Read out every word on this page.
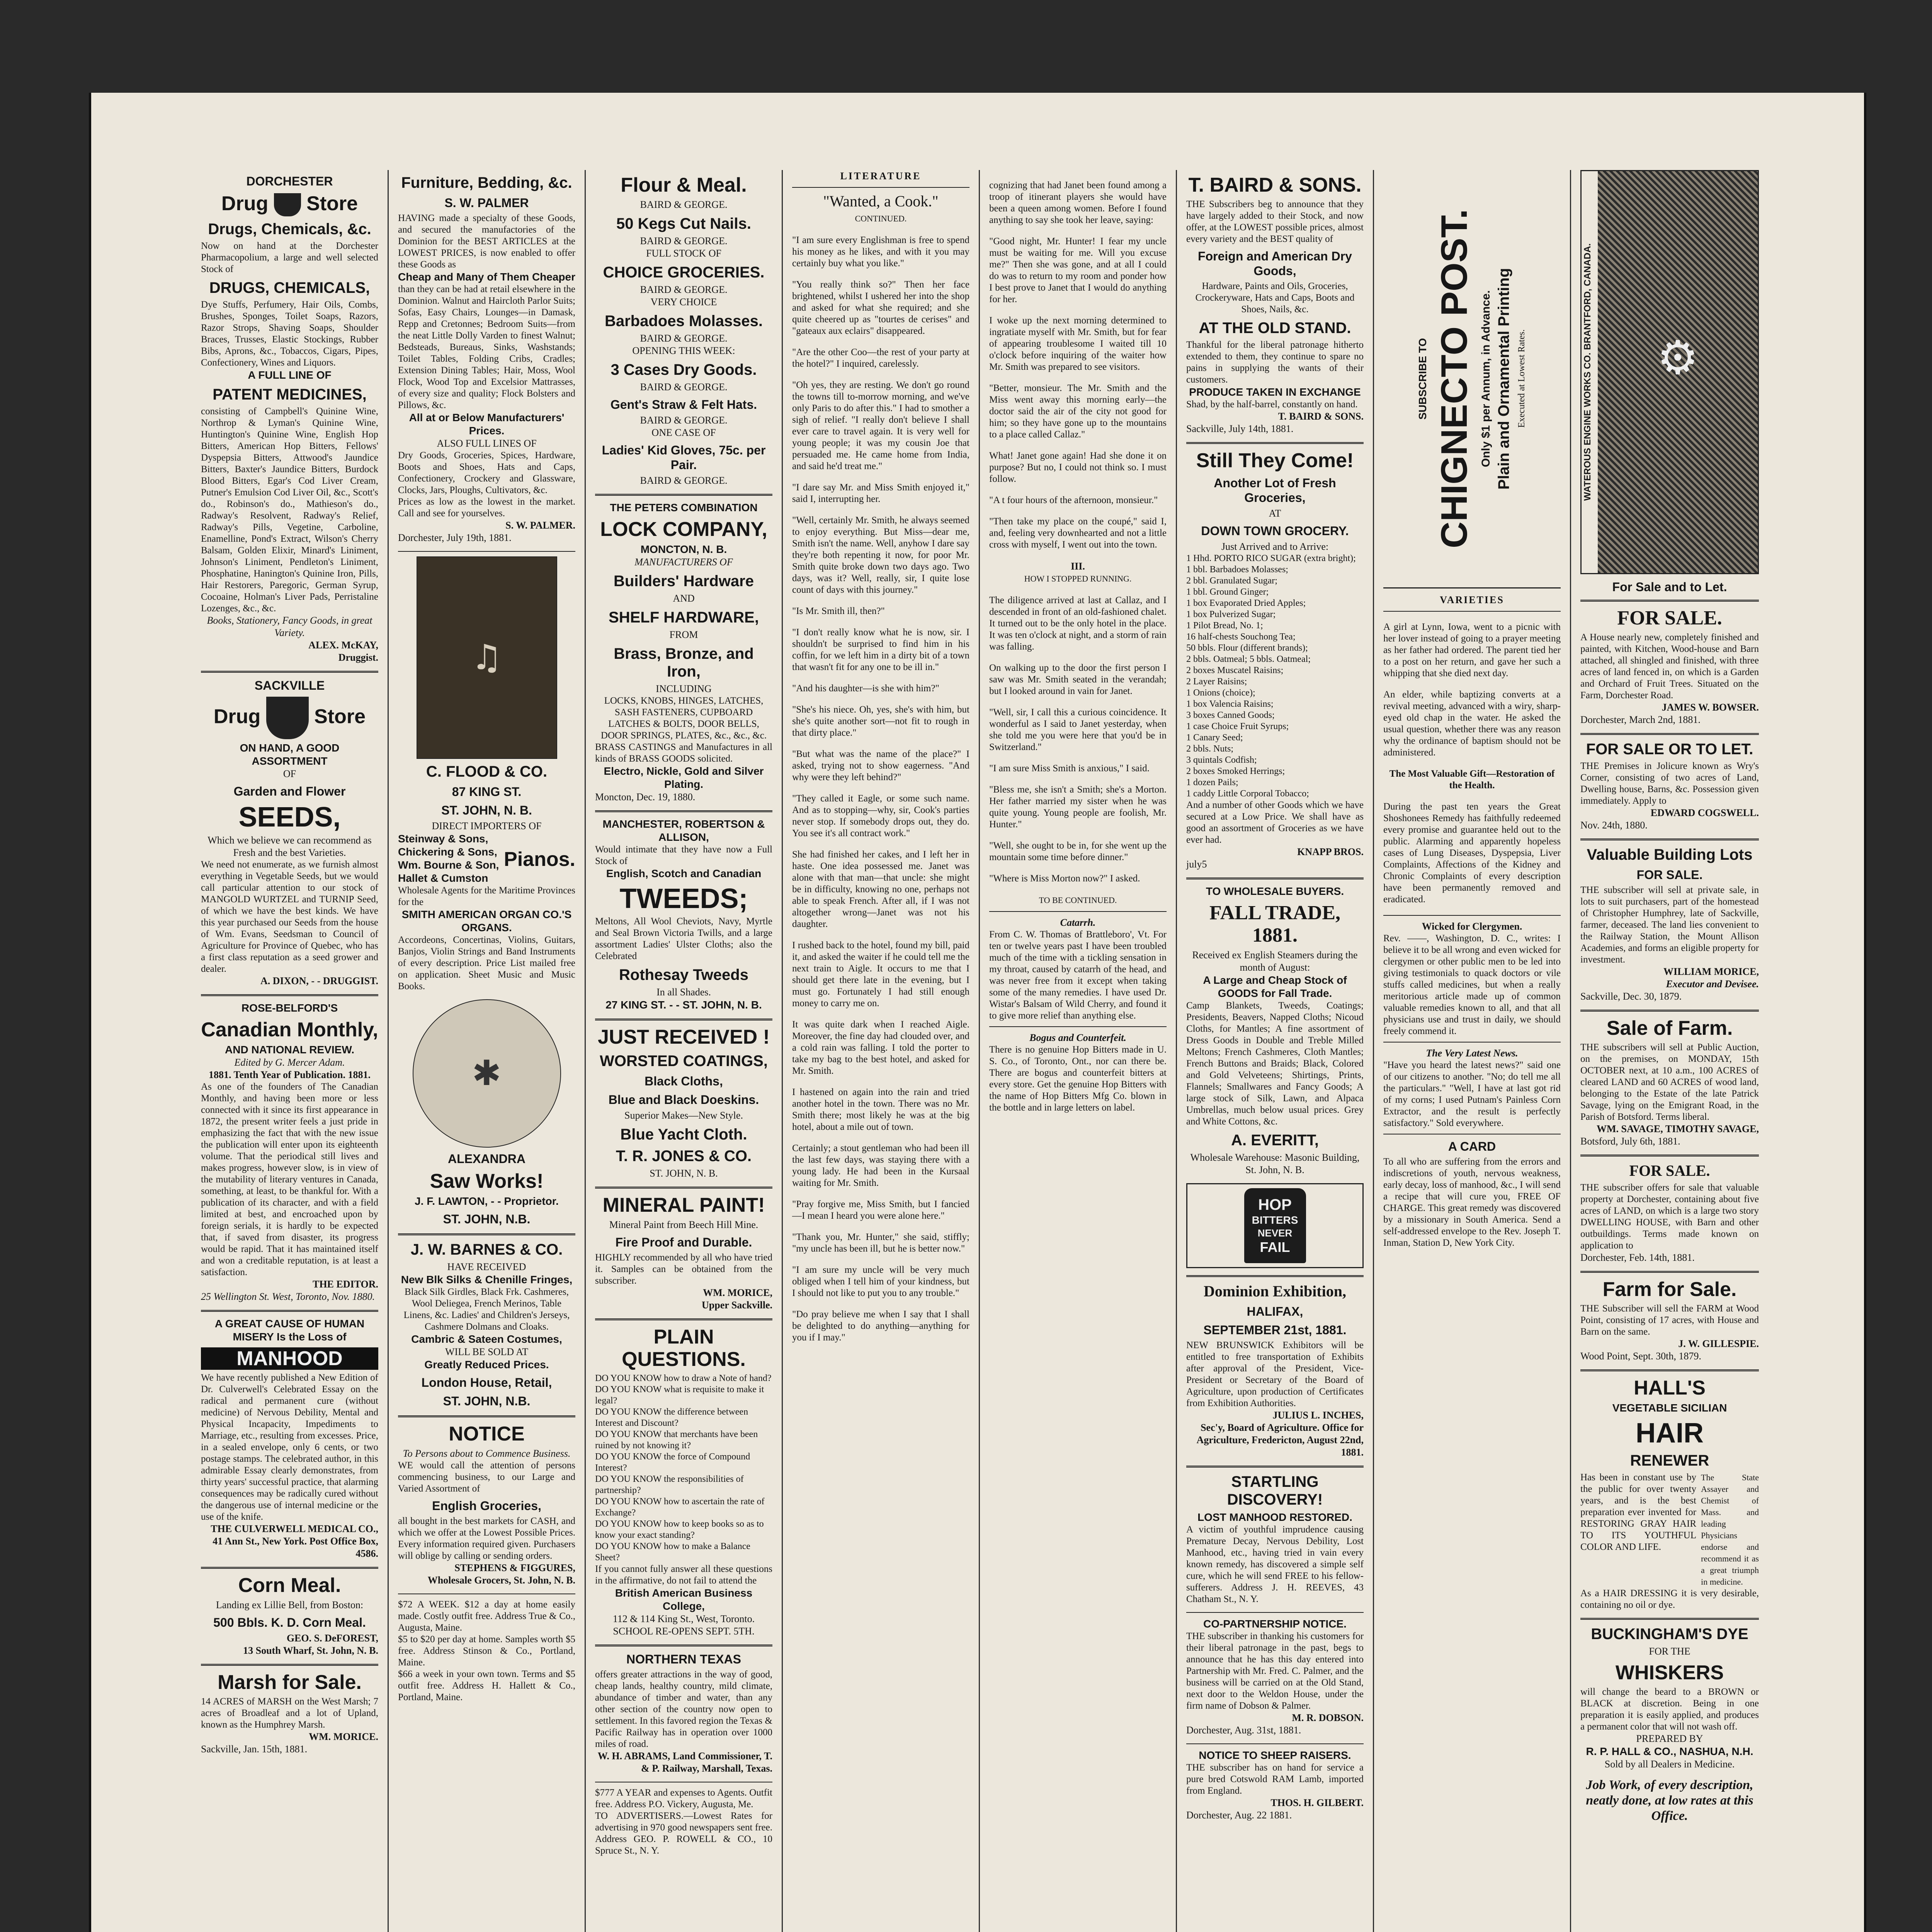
DORCHESTER
Drug Store
Drugs, Chemicals, &c.
Now on hand at the Dorchester Pharmacopolium, a large and well selected Stock of
DRUGS, CHEMICALS,
Dye Stuffs, Perfumery, Hair Oils, Combs, Brushes, Sponges, Toilet Soaps, Razors, Razor Strops, Shaving Soaps, Shoulder Braces, Trusses, Elastic Stockings, Rubber Bibs, Aprons, &c., Tobaccos, Cigars, Pipes, Confectionery, Wines and Liquors.
A FULL LINE OF
PATENT MEDICINES,
consisting of Campbell's Quinine Wine, Northrop & Lyman's Quinine Wine, Huntington's Quinine Wine, English Hop Bitters, American Hop Bitters, Fellows' Dyspepsia Bitters, Attwood's Jaundice Bitters, Baxter's Jaundice Bitters, Burdock Blood Bitters, Egar's Cod Liver Cream, Putner's Emulsion Cod Liver Oil, &c., Scott's do., Robinson's do., Mathieson's do., Radway's Resolvent, Radway's Relief, Radway's Pills, Vegetine, Carboline, Enamelline, Pond's Extract, Wilson's Cherry Balsam, Golden Elixir, Minard's Liniment, Johnson's Liniment, Pendleton's Liniment, Phosphatine, Hanington's Quinine Iron, Pills, Hair Restorers, Paregoric, German Syrup, Cocoaine, Holman's Liver Pads, Perristaline Lozenges, &c., &c.
Books, Stationery, Fancy Goods, in great Variety.
ALEX. McKAY,
Druggist.
SACKVILLE
Drug	Store
ON HAND, A GOOD ASSORTMENT
OF
Garden and Flower
SEEDS,
Which we believe we can recommend as Fresh and the best Varieties.
We need not enumerate, as we furnish almost everything in Vegetable Seeds, but we would call particular attention to our stock of MANGOLD WURTZEL and TURNIP Seed, of which we have the best kinds. We have this year purchased our Seeds from the house of Wm. Evans, Seedsman to Council of Agriculture for Province of Quebec, who has a first class reputation as a seed grower and dealer.
A. DIXON, - - DRUGGIST.
ROSE-BELFORD'S
Canadian Monthly,
AND NATIONAL REVIEW.
Edited by G. Mercer Adam.
1881. Tenth Year of Publication. 1881.
As one of the founders of The Canadian Monthly, and having been more or less connected with it since its first appearance in 1872, the present writer feels a just pride in emphasizing the fact that with the new issue the publication will enter upon its eighteenth volume. That the periodical still lives and makes progress, however slow, is in view of the mutability of literary ventures in Canada, something, at least, to be thankful for. With a publication of its character, and with a field limited at best, and encroached upon by foreign serials, it is hardly to be expected that, if saved from disaster, its progress would be rapid. That it has maintained itself and won a creditable reputation, is at least a satisfaction.
THE EDITOR.
25 Wellington St. West, Toronto, Nov. 1880.
A GREAT CAUSE OF HUMAN MISERY Is the Loss of
MANHOOD
We have recently published a New Edition of Dr. Culverwell's Celebrated Essay on the radical and permanent cure (without medicine) of Nervous Debility, Mental and Physical Incapacity, Impediments to Marriage, etc., resulting from excesses. Price, in a sealed envelope, only 6 cents, or two postage stamps. The celebrated author, in this admirable Essay clearly demonstrates, from thirty years' successful practice, that alarming consequences may be radically cured without the dangerous use of internal medicine or the use of the knife.
THE CULVERWELL MEDICAL CO., 41 Ann St., New York. Post Office Box, 4586.
Corn Meal.
Landing ex Lillie Bell, from Boston:
500 Bbls. K. D. Corn Meal.
GEO. S. DeFOREST,
13 South Wharf, St. John, N. B.
Marsh for Sale.
14 ACRES of MARSH on the West Marsh; 7 acres of Broadleaf and a lot of Upland, known as the Humphrey Marsh.
WM. MORICE.
Sackville, Jan. 15th, 1881.
Furniture, Bedding, &c.
S. W. PALMER
HAVING made a specialty of these Goods, and secured the manufactories of the Dominion for the BEST ARTICLES at the LOWEST PRICES, is now enabled to offer these Goods as
Cheap and Many of Them Cheaper
than they can be had at retail elsewhere in the Dominion. Walnut and Haircloth Parlor Suits; Sofas, Easy Chairs, Lounges—in Damask, Repp and Cretonnes; Bedroom Suits—from the neat Little Dolly Varden to finest Walnut; Bedsteads, Bureaus, Sinks, Washstands; Toilet Tables, Folding Cribs, Cradles; Extension Dining Tables; Hair, Moss, Wool Flock, Wood Top and Excelsior Mattrasses, of every size and quality; Flock Bolsters and Pillows, &c.
All at or Below Manufacturers' Prices.
ALSO FULL LINES OF
Dry Goods, Groceries, Spices, Hardware, Boots and Shoes, Hats and Caps, Confectionery, Crockery and Glassware, Clocks, Jars, Ploughs, Cultivators, &c.
Prices as low as the lowest in the market. Call and see for yourselves.
S. W. PALMER.
Dorchester, July 19th, 1881.
♫
C. FLOOD & CO.
87 KING ST.
ST. JOHN, N. B.
DIRECT IMPORTERS OF
Steinway & Sons, Chickering & Sons, Wm. Bourne & Son, Hallet & Cumston
Pianos.
Wholesale Agents for the Maritime Provinces for the
SMITH AMERICAN ORGAN CO.'S ORGANS.
Accordeons, Concertinas, Violins, Guitars, Banjos, Violin Strings and Band Instruments of every description. Price List mailed free on application. Sheet Music and Music Books.
✱
ALEXANDRA
Saw Works!
J. F. LAWTON, - - Proprietor.
ST. JOHN, N.B.
J. W. BARNES & CO.
HAVE RECEIVED
New Blk Silks & Chenille Fringes,
Black Silk Girdles, Black Frk. Cashmeres, Wool Deliegea, French Merinos, Table Linens, &c. Ladies' and Children's Jerseys, Cashmere Dolmans and Cloaks.
Cambric & Sateen Costumes,
WILL BE SOLD AT
Greatly Reduced Prices.
London House, Retail,
ST. JOHN, N.B.
NOTICE
To Persons about to Commence Business.
WE would call the attention of persons commencing business, to our Large and Varied Assortment of
English Groceries,
all bought in the best markets for CASH, and which we offer at the Lowest Possible Prices. Every information required given. Purchasers will oblige by calling or sending orders.
STEPHENS & FIGGURES,
Wholesale Grocers, St. John, N. B.
$72 A WEEK. $12 a day at home easily made. Costly outfit free. Address True & Co., Augusta, Maine.
$5 to $20 per day at home. Samples worth $5 free. Address Stinson & Co., Portland, Maine.
$66 a week in your own town. Terms and $5 outfit free. Address H. Hallett & Co., Portland, Maine.
Flour & Meal.
BAIRD & GEORGE.
50 Kegs Cut Nails.
BAIRD & GEORGE.
FULL STOCK OF
CHOICE GROCERIES.
BAIRD & GEORGE.
VERY CHOICE
Barbadoes Molasses.
BAIRD & GEORGE.
OPENING THIS WEEK:
3 Cases Dry Goods.
BAIRD & GEORGE.
Gent's Straw & Felt Hats.
BAIRD & GEORGE.
ONE CASE OF
Ladies' Kid Gloves, 75c. per Pair.
BAIRD & GEORGE.
THE PETERS COMBINATION
LOCK COMPANY,
MONCTON, N. B.
MANUFACTURERS OF
Builders' Hardware
AND
SHELF HARDWARE,
FROM
Brass, Bronze, and Iron,
INCLUDING
LOCKS, KNOBS, HINGES, LATCHES, SASH FASTENERS, CUPBOARD LATCHES & BOLTS, DOOR BELLS, DOOR SPRINGS, PLATES, &c., &c., &c.
BRASS CASTINGS and Manufactures in all kinds of BRASS GOODS solicited.
Electro, Nickle, Gold and Silver Plating.
Moncton, Dec. 19, 1880.
MANCHESTER, ROBERTSON & ALLISON,
Would intimate that they have now a Full Stock of
English, Scotch and Canadian
TWEEDS;
Meltons, All Wool Cheviots, Navy, Myrtle and Seal Brown Victoria Twills, and a large assortment Ladies' Ulster Cloths; also the Celebrated
Rothesay Tweeds
In all Shades.
27 KING ST. - - ST. JOHN, N. B.
JUST RECEIVED !
WORSTED COATINGS,
Black Cloths,
Blue and Black Doeskins.
Superior Makes—New Style.
Blue Yacht Cloth.
T. R. JONES & CO.
ST. JOHN, N. B.
MINERAL PAINT!
Mineral Paint from Beech Hill Mine.
Fire Proof and Durable.
HIGHLY recommended by all who have tried it. Samples can be obtained from the subscriber.
WM. MORICE,
Upper Sackville.
PLAIN QUESTIONS.
DO YOU KNOW how to draw a Note of hand?
DO YOU KNOW what is requisite to make it legal?
DO YOU KNOW the difference between Interest and Discount?
DO YOU KNOW that merchants have been ruined by not knowing it?
DO YOU KNOW the force of Compound Interest?
DO YOU KNOW the responsibilities of partnership?
DO YOU KNOW how to ascertain the rate of Exchange?
DO YOU KNOW how to keep books so as to know your exact standing?
DO YOU KNOW how to make a Balance Sheet?
If you cannot fully answer all these questions in the affirmative, do not fail to attend the
British American Business College,
112 & 114 King St., West, Toronto.
SCHOOL RE-OPENS SEPT. 5TH.
NORTHERN TEXAS
offers greater attractions in the way of good, cheap lands, healthy country, mild climate, abundance of timber and water, than any other section of the country now open to settlement. In this favored region the Texas & Pacific Railway has in operation over 1000 miles of road.
W. H. ABRAMS, Land Commissioner, T. & P. Railway, Marshall, Texas.
$777 A YEAR and expenses to Agents. Outfit free. Address P.O. Vickery, Augusta, Me.
TO ADVERTISERS.—Lowest Rates for advertising in 970 good newspapers sent free. Address GEO. P. ROWELL & CO., 10 Spruce St., N. Y.
LITERATURE
"Wanted, a Cook."
CONTINUED.

"I am sure every Englishman is free to spend his money as he likes, and with it you may certainly buy what you like."

"You really think so?" Then her face brightened, whilst I ushered her into the shop and asked for what she required; and she quite cheered up as "tourtes de cerises" and "gateaux aux eclairs" disappeared.

"Are the other Coo—the rest of your party at the hotel?" I inquired, carelessly.

"Oh yes, they are resting. We don't go round the towns till to-morrow morning, and we've only Paris to do after this." I had to smother a sigh of relief. "I really don't believe I shall ever care to travel again. It is very well for young people; it was my cousin Joe that persuaded me. He came home from India, and said he'd treat me."

"I dare say Mr. and Miss Smith enjoyed it," said I, interrupting her.

"Well, certainly Mr. Smith, he always seemed to enjoy everything. But Miss—dear me, Smith isn't the name. Well, anyhow I dare say they're both repenting it now, for poor Mr. Smith quite broke down two days ago. Two days, was it? Well, really, sir, I quite lose count of days with this journey."

"Is Mr. Smith ill, then?"

"I don't really know what he is now, sir. I shouldn't be surprised to find him in his coffin, for we left him in a dirty bit of a town that wasn't fit for any one to be ill in."

"And his daughter—is she with him?"

"She's his niece. Oh, yes, she's with him, but she's quite another sort—not fit to rough in that dirty place."

"But what was the name of the place?" I asked, trying not to show eagerness. "And why were they left behind?"

"They called it Eagle, or some such name. And as to stopping—why, sir, Cook's parties never stop. If somebody drops out, they do. You see it's all contract work."

She had finished her cakes, and I left her in haste. One idea possessed me. Janet was alone with that man—that uncle: she might be in difficulty, knowing no one, perhaps not able to speak French. After all, if I was not altogether wrong—Janet was not his daughter.

I rushed back to the hotel, found my bill, paid it, and asked the waiter if he could tell me the next train to Aigle. It occurs to me that I should get there late in the evening, but I must go. Fortunately I had still enough money to carry me on.

It was quite dark when I reached Aigle. Moreover, the fine day had clouded over, and a cold rain was falling. I told the porter to take my bag to the best hotel, and asked for Mr. Smith.

I hastened on again into the rain and tried another hotel in the town. There was no Mr. Smith there; most likely he was at the big hotel, about a mile out of town.

Certainly; a stout gentleman who had been ill the last few days, was staying there with a young lady. He had been in the Kursaal waiting for Mr. Smith.

"Pray forgive me, Miss Smith, but I fancied—I mean I heard you were alone here."

"Thank you, Mr. Hunter," she said, stiffly; "my uncle has been ill, but he is better now."

"I am sure my uncle will be very much obliged when I tell him of your kindness, but I should not like to put you to any trouble."

"Do pray believe me when I say that I shall be delighted to do anything—anything for you if I may."

cognizing that had Janet been found among a troop of itinerant players she would have been a queen among women. Before I found anything to say she took her leave, saying:

"Good night, Mr. Hunter! I fear my uncle must be waiting for me. Will you excuse me?" Then she was gone, and at all I could do was to return to my room and ponder how I best prove to Janet that I would do anything for her.

I woke up the next morning determined to ingratiate myself with Mr. Smith, but for fear of appearing troublesome I waited till 10 o'clock before inquiring of the waiter how Mr. Smith was prepared to see visitors.

"Better, monsieur. The Mr. Smith and the Miss went away this morning early—the doctor said the air of the city not good for him; so they have gone up to the mountains to a place called Callaz."

What! Janet gone again! Had she done it on purpose? But no, I could not think so. I must follow.

"A t four hours of the afternoon, monsieur."

"Then take my place on the coupé," said I, and, feeling very downhearted and not a little cross with myself, I went out into the town.

III.
HOW I STOPPED RUNNING.

The diligence arrived at last at Callaz, and I descended in front of an old-fashioned chalet. It turned out to be the only hotel in the place. It was ten o'clock at night, and a storm of rain was falling.

On walking up to the door the first person I saw was Mr. Smith seated in the verandah; but I looked around in vain for Janet.

"Well, sir, I call this a curious coincidence. It wonderful as I said to Janet yesterday, when she told me you were here that you'd be in Switzerland."

"I am sure Miss Smith is anxious," I said.

"Bless me, she isn't a Smith; she's a Morton. Her father married my sister when he was quite young. Young people are foolish, Mr. Hunter."

"Well, she ought to be in, for she went up the mountain some time before dinner."

"Where is Miss Morton now?" I asked.

TO BE CONTINUED.
Catarrh.
From C. W. Thomas of Brattleboro', Vt. For ten or twelve years past I have been troubled much of the time with a tickling sensation in my throat, caused by catarrh of the head, and was never free from it except when taking some of the many remedies. I have used Dr. Wistar's Balsam of Wild Cherry, and found it to give more relief than anything else.
Bogus and Counterfeit.
There is no genuine Hop Bitters made in U. S. Co., of Toronto, Ont., nor can there be. There are bogus and counterfeit bitters at every store. Get the genuine Hop Bitters with the name of Hop Bitters Mfg Co. blown in the bottle and in large letters on label.
T. BAIRD & SONS.
THE Subscribers beg to announce that they have largely added to their Stock, and now offer, at the LOWEST possible prices, almost every variety and the BEST quality of
Foreign and American Dry Goods,
Hardware, Paints and Oils, Groceries, Crockeryware, Hats and Caps, Boots and Shoes, Nails, &c.
AT THE OLD STAND.
Thankful for the liberal patronage hitherto extended to them, they continue to spare no pains in supplying the wants of their customers.
PRODUCE TAKEN IN EXCHANGE
Shad, by the half-barrel, constantly on hand.
T. BAIRD & SONS.
Sackville, July 14th, 1881.
Still They Come!
Another Lot of Fresh Groceries,
AT
DOWN TOWN GROCERY.
Just Arrived and to Arrive:
1 Hhd. PORTO RICO SUGAR (extra bright);
1 bbl. Barbadoes Molasses;
2 bbl. Granulated Sugar;
1 bbl. Ground Ginger;
1 box Evaporated Dried Apples;
1 box Pulverized Sugar;
1 Pilot Bread, No. 1;
16 half-chests Souchong Tea;
50 bbls. Flour (different brands);
2 bbls. Oatmeal; 5 bbls. Oatmeal;
2 boxes Muscatel Raisins;
2 Layer Raisins;
1 Onions (choice);
1 box Valencia Raisins;
3 boxes Canned Goods;
1 case Choice Fruit Syrups;
1 Canary Seed;
2 bbls. Nuts;
3 quintals Codfish;
2 boxes Smoked Herrings;
1 dozen Pails;
1 caddy Little Corporal Tobacco;
And a number of other Goods which we have secured at a Low Price. We shall have as good an assortment of Groceries as we have ever had.
KNAPP BROS.
july5
TO WHOLESALE BUYERS.
FALL TRADE, 1881.
Received ex English Steamers during the month of August:
A Large and Cheap Stock of GOODS for Fall Trade.
Camp Blankets, Tweeds, Coatings; Presidents, Beavers, Napped Cloths; Nicoud Cloths, for Mantles; A fine assortment of Dress Goods in Double and Treble Milled Meltons; French Cashmeres, Cloth Mantles; French Buttons and Braids; Black, Colored and Gold Velveteens; Shirtings, Prints, Flannels; Smallwares and Fancy Goods; A large stock of Silk, Lawn, and Alpaca Umbrellas, much below usual prices. Grey and White Cottons, &c.
A. EVERITT,
Wholesale Warehouse: Masonic Building, St. John, N. B.
HOP
BITTERS
NEVER
FAIL
Dominion Exhibition,
HALIFAX,
SEPTEMBER 21st, 1881.
NEW BRUNSWICK Exhibitors will be entitled to free transportation of Exhibits after approval of the President, Vice-President or Secretary of the Board of Agriculture, upon production of Certificates from Exhibition Authorities.
JULIUS L. INCHES,
Sec'y, Board of Agriculture. Office for Agriculture, Fredericton, August 22nd, 1881.
STARTLING DISCOVERY!
LOST MANHOOD RESTORED.
A victim of youthful imprudence causing Premature Decay, Nervous Debility, Lost Manhood, etc., having tried in vain every known remedy, has discovered a simple self cure, which he will send FREE to his fellow-sufferers. Address J. H. REEVES, 43 Chatham St., N. Y.
CO-PARTNERSHIP NOTICE.
THE subscriber in thanking his customers for their liberal patronage in the past, begs to announce that he has this day entered into Partnership with Mr. Fred. C. Palmer, and the business will be carried on at the Old Stand, next door to the Weldon House, under the firm name of Dobson & Palmer.
M. R. DOBSON.
Dorchester, Aug. 31st, 1881.
NOTICE TO SHEEP RAISERS.
THE subscriber has on hand for service a pure bred Cotswold RAM Lamb, imported from England.
THOS. H. GILBERT.
Dorchester, Aug. 22 1881.
SUBSCRIBE TO CHIGNECTO POST. Only $1 per Annum, in Advance. Plain and Ornamental Printing Executed at Lowest Rates.
VARIETIES

A girl at Lynn, Iowa, went to a picnic with her lover instead of going to a prayer meeting as her father had ordered. The parent tied her to a post on her return, and gave her such a whipping that she died next day.

An elder, while baptizing converts at a revival meeting, advanced with a wiry, sharp-eyed old chap in the water. He asked the usual question, whether there was any reason why the ordinance of baptism should not be administered.

The Most Valuable Gift—Restoration of the Health.

During the past ten years the Great Shoshonees Remedy has faithfully redeemed every promise and guarantee held out to the public. Alarming and apparently hopeless cases of Lung Diseases, Dyspepsia, Liver Complaints, Affections of the Kidney and Chronic Complaints of every description have been permanently removed and eradicated.

Wicked for Clergymen.
Rev. ——, Washington, D. C., writes: I believe it to be all wrong and even wicked for clergymen or other public men to be led into giving testimonials to quack doctors or vile stuffs called medicines, but when a really meritorious article made up of common valuable remedies known to all, and that all physicians use and trust in daily, we should freely commend it.
The Very Latest News.
"Have you heard the latest news?" said one of our citizens to another. "No; do tell me all the particulars." "Well, I have at last got rid of my corns; I used Putnam's Painless Corn Extractor, and the result is perfectly satisfactory." Sold everywhere.
A CARD
To all who are suffering from the errors and indiscretions of youth, nervous weakness, early decay, loss of manhood, &c., I will send a recipe that will cure you, FREE OF CHARGE. This great remedy was discovered by a missionary in South America. Send a self-addressed envelope to the Rev. Joseph T. Inman, Station D, New York City.
WATEROUS ENGINE WORKS CO. BRANTFORD, CANADA.	⚙
For Sale and to Let.
FOR SALE.
A House nearly new, completely finished and painted, with Kitchen, Wood-house and Barn attached, all shingled and finished, with three acres of land fenced in, on which is a Garden and Orchard of Fruit Trees. Situated on the Farm, Dorchester Road.
JAMES W. BOWSER.
Dorchester, March 2nd, 1881.
FOR SALE OR TO LET.
THE Premises in Jolicure known as Wry's Corner, consisting of two acres of Land, Dwelling house, Barns, &c. Possession given immediately. Apply to
EDWARD COGSWELL.
Nov. 24th, 1880.
Valuable Building Lots
FOR SALE.
THE subscriber will sell at private sale, in lots to suit purchasers, part of the homestead of Christopher Humphrey, late of Sackville, farmer, deceased. The land lies convenient to the Railway Station, the Mount Allison Academies, and forms an eligible property for investment.
WILLIAM MORICE,
Executor and Devisee.
Sackville, Dec. 30, 1879.
Sale of Farm.
THE subscribers will sell at Public Auction, on the premises, on MONDAY, 15th OCTOBER next, at 10 a.m., 100 ACRES of cleared LAND and 60 ACRES of wood land, belonging to the Estate of the late Patrick Savage, lying on the Emigrant Road, in the Parish of Botsford. Terms liberal.
WM. SAVAGE, TIMOTHY SAVAGE,
Botsford, July 6th, 1881.
FOR SALE.
THE subscriber offers for sale that valuable property at Dorchester, containing about five acres of LAND, on which is a large two story DWELLING HOUSE, with Barn and other outbuildings. Terms made known on application to
Dorchester, Feb. 14th, 1881.
Farm for Sale.
THE Subscriber will sell the FARM at Wood Point, consisting of 17 acres, with House and Barn on the same.
J. W. GILLESPIE.
Wood Point, Sept. 30th, 1879.
HALL'S
VEGETABLE SICILIAN
HAIR
RENEWER
Has been in constant use by the public for over twenty years, and is the best preparation ever invented for RESTORING GRAY HAIR TO ITS YOUTHFUL COLOR AND LIFE.
The State Assayer and Chemist of Mass. and leading Physicians endorse and recommend it as a great triumph in medicine.
As a HAIR DRESSING it is very desirable, containing no oil or dye.
BUCKINGHAM'S DYE
FOR THE
WHISKERS
will change the beard to a BROWN or BLACK at discretion. Being in one preparation it is easily applied, and produces a permanent color that will not wash off.
PREPARED BY
R. P. HALL & CO., NASHUA, N.H.
Sold by all Dealers in Medicine.
Job Work, of every description, neatly done, at low rates at this Office.
